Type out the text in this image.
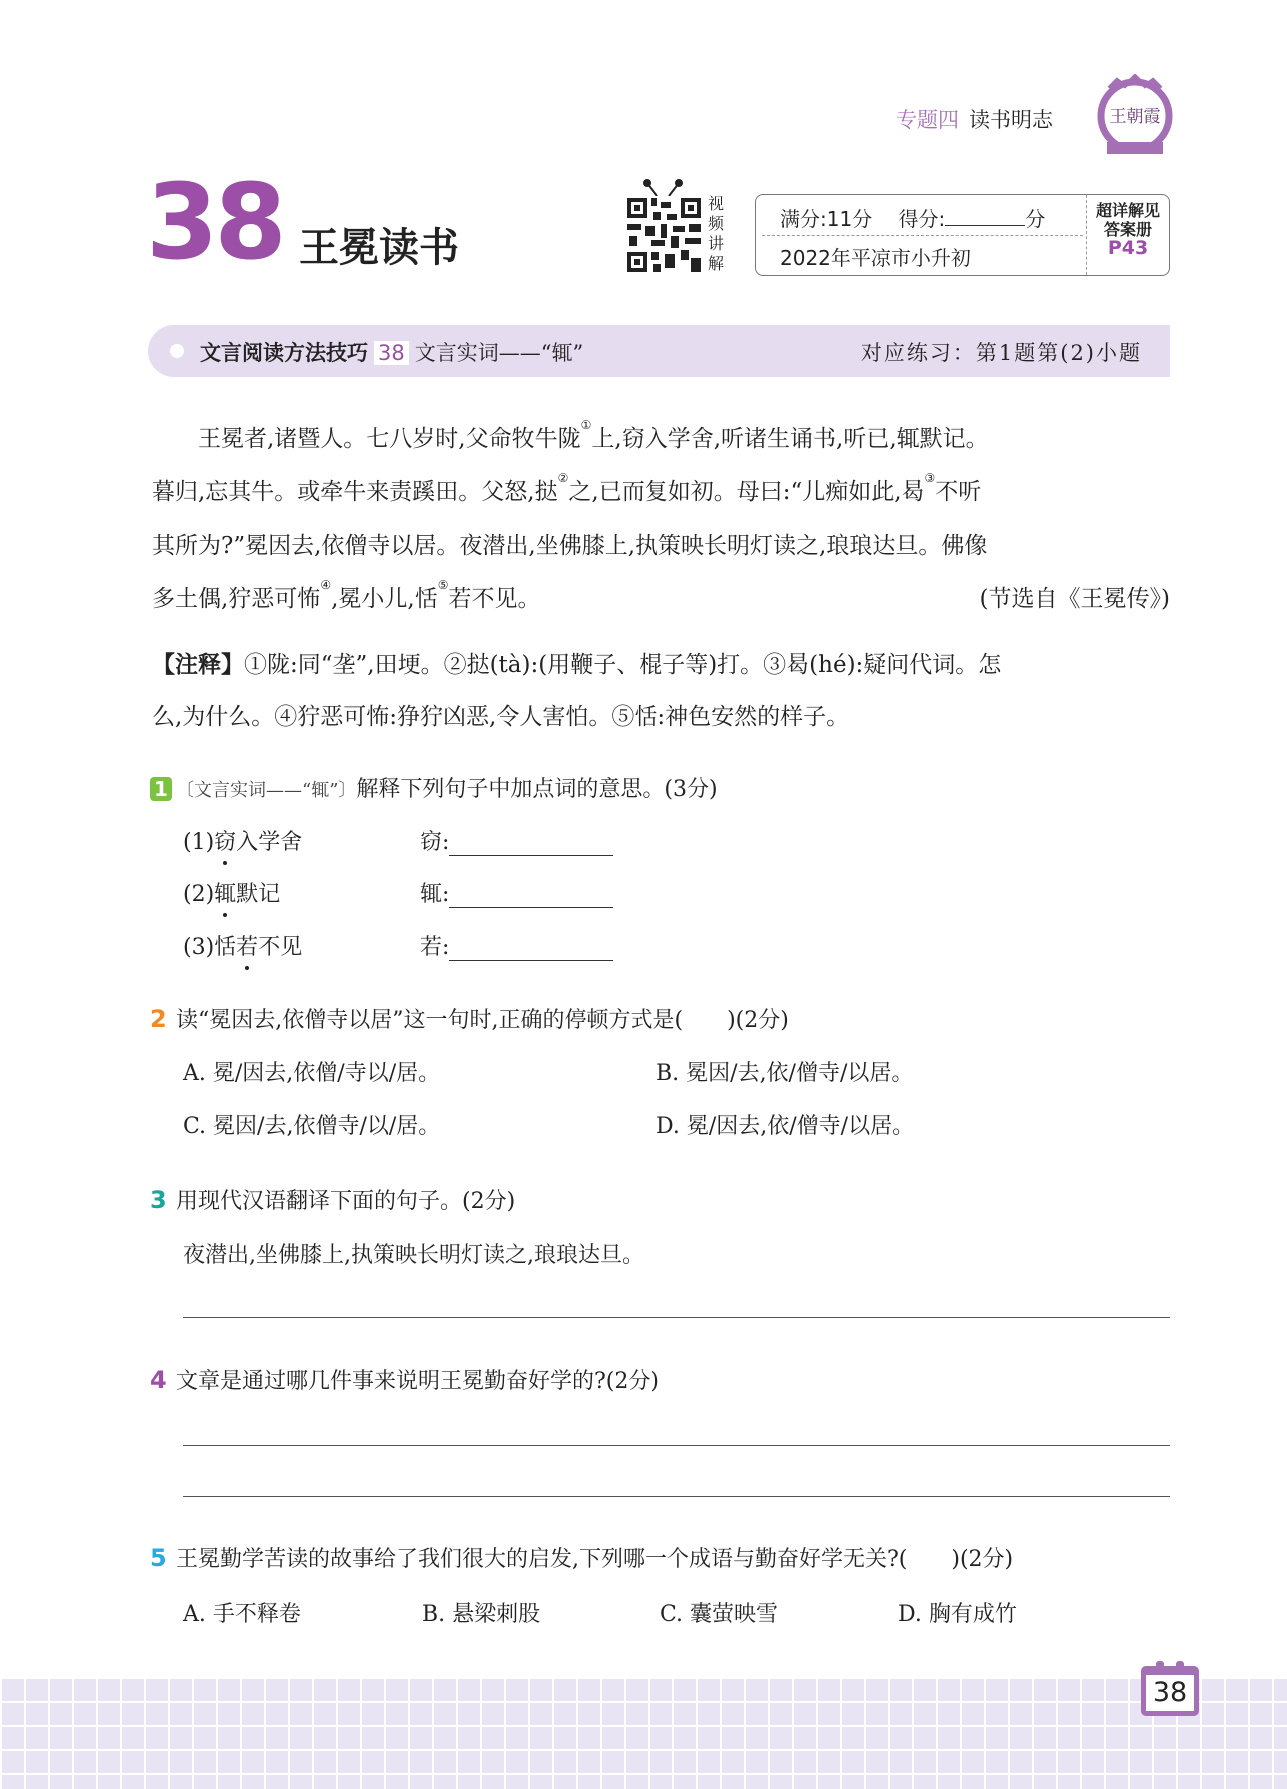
专题四 读书明志	王朝霞
38 王冕读书
视频讲解
满分:11分　 得分:	分
2022年平凉市小升初
超详解见
答案册
P43
文言阅读方法技巧 38 文言实词——“辄”	对应练习：第1题第(2)小题
　　王冕者,诸暨人。七八岁时,父命牧牛陇①上,窃入学舍,听诸生诵书,听已,辄默记。
暮归,忘其牛。或牵牛来责蹊田。父怒,挞②之,已而复如初。母曰:“儿痴如此,曷③不听
其所为?”冕因去,依僧寺以居。夜潜出,坐佛膝上,执策映长明灯读之,琅琅达旦。佛像
多土偶,狞恶可怖④,冕小儿,恬⑤若不见。	(节选自《王冕传》)
【注释】①陇:同“垄”,田埂。②挞(tà):(用鞭子、棍子等)打。③曷(hé):疑问代词。怎
么,为什么。④狞恶可怖:狰狞凶恶,令人害怕。⑤恬:神色安然的样子。
1 〔文言实词——“辄”〕解释下列句子中加点词的意思。(3分)
(1)窃入学舍	窃:
(2)辄默记	辄:
(3)恬若不见	若:
2 读“冕因去,依僧寺以居”这一句时,正确的停顿方式是(　　)(2分)
A. 冕/因去,依僧/寺以/居。	B. 冕因/去,依/僧寺/以居。
C. 冕因/去,依僧寺/以/居。	D. 冕/因去,依/僧寺/以居。
3 用现代汉语翻译下面的句子。(2分)
夜潜出,坐佛膝上,执策映长明灯读之,琅琅达旦。
4 文章是通过哪几件事来说明王冕勤奋好学的?(2分)
5 王冕勤学苦读的故事给了我们很大的启发,下列哪一个成语与勤奋好学无关?(　　)(2分)
A. 手不释卷	B. 悬梁刺股	C. 囊萤映雪	D. 胸有成竹
38
